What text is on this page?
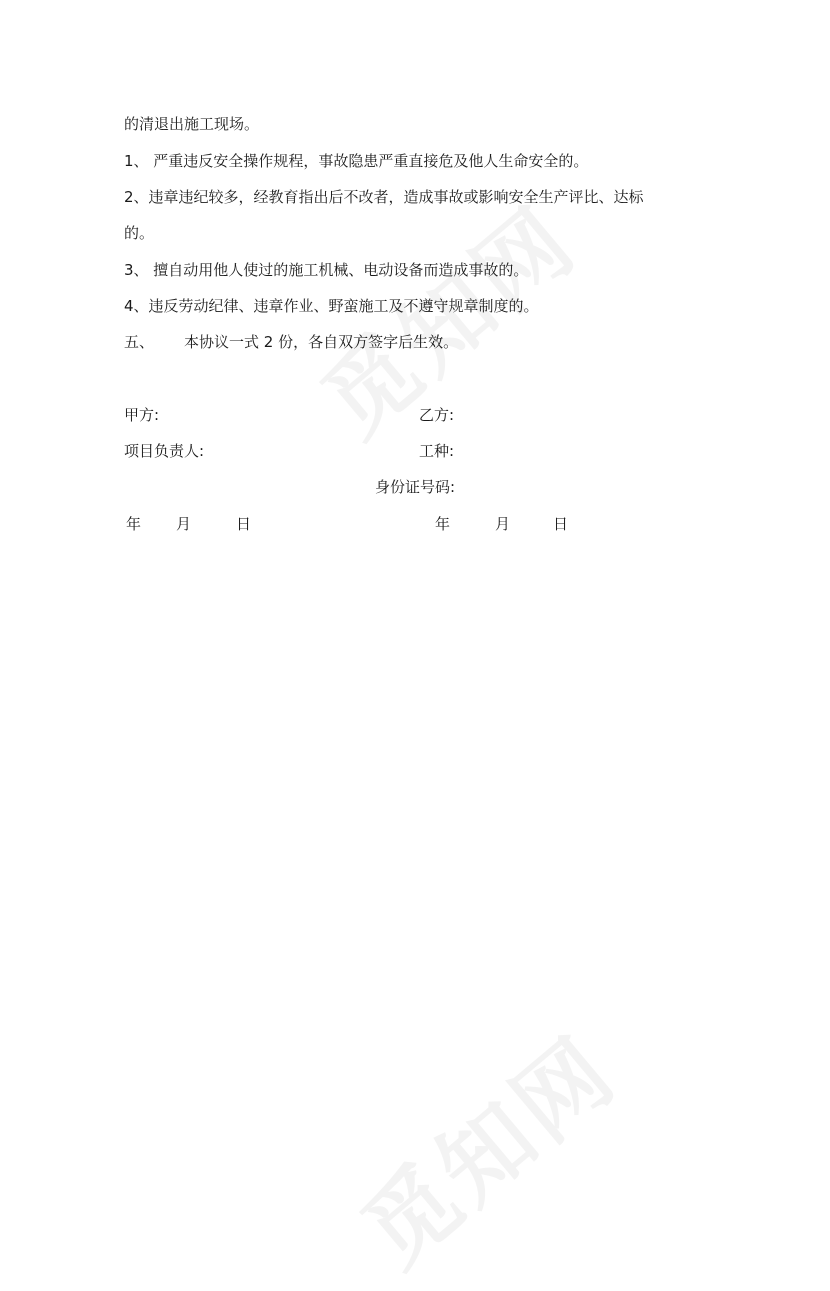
的清退出施工现场。
1、 严重违反安全操作规程，事故隐患严重直接危及他人生命安全的。
2、违章违纪较多，经教育指出后不改者，造成事故或影响安全生产评比、达标
的。
3、 擅自动用他人使过的施工机械、电动设备而造成事故的。
4、违反劳动纪律、违章作业、野蛮施工及不遵守规章制度的。
五、 本协议一式 2 份，各自双方签字后生效。
甲方:	乙方:
项目负责人:	工种:
身份证号码:
年 月	日	年	月	日
